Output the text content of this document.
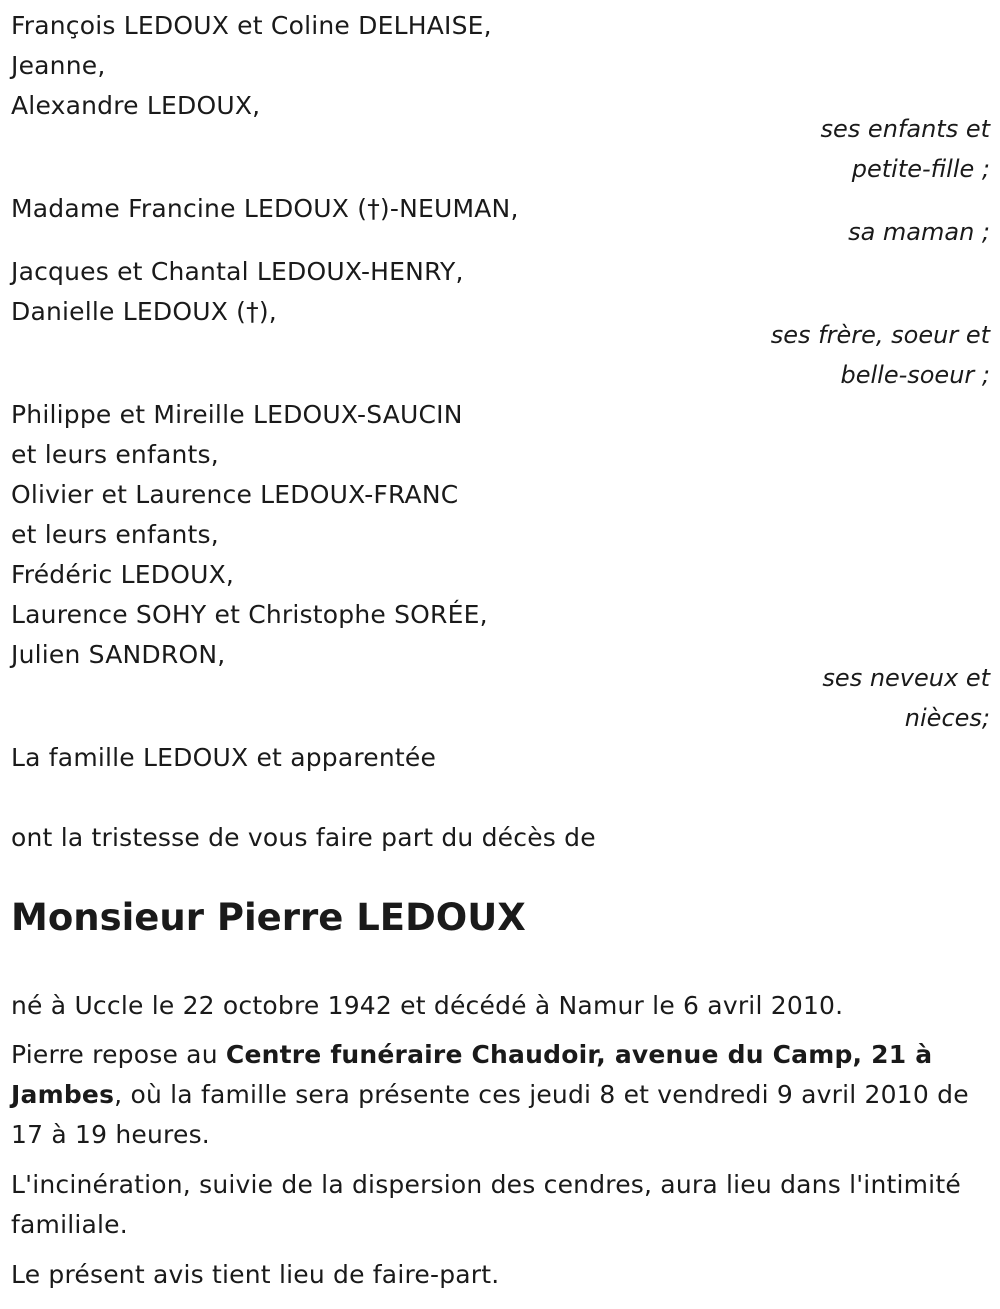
François LEDOUX et Coline DELHAISE,
Jeanne,
Alexandre LEDOUX,
ses enfants et
petite-fille ;
Madame Francine LEDOUX (†)-NEUMAN,
sa maman ;
Jacques et Chantal LEDOUX-HENRY,
Danielle LEDOUX (†),
ses frère, soeur et
belle-soeur ;
Philippe et Mireille LEDOUX-SAUCIN
et leurs enfants,
Olivier et Laurence LEDOUX-FRANC
et leurs enfants,
Frédéric LEDOUX,
Laurence SOHY et Christophe SORÉE,
Julien SANDRON,
ses neveux et
nièces;
La famille LEDOUX et apparentée
ont la tristesse de vous faire part du décès de
Monsieur Pierre LEDOUX
né à Uccle le 22 octobre 1942 et décédé à Namur le 6 avril 2010.
Pierre repose au Centre funéraire Chaudoir, avenue du Camp, 21 à Jambes, où la famille sera présente ces jeudi 8 et vendredi 9 avril 2010 de 17 à 19 heures.
L'incinération, suivie de la dispersion des cendres, aura lieu dans l'intimité familiale.
Le présent avis tient lieu de faire-part.
